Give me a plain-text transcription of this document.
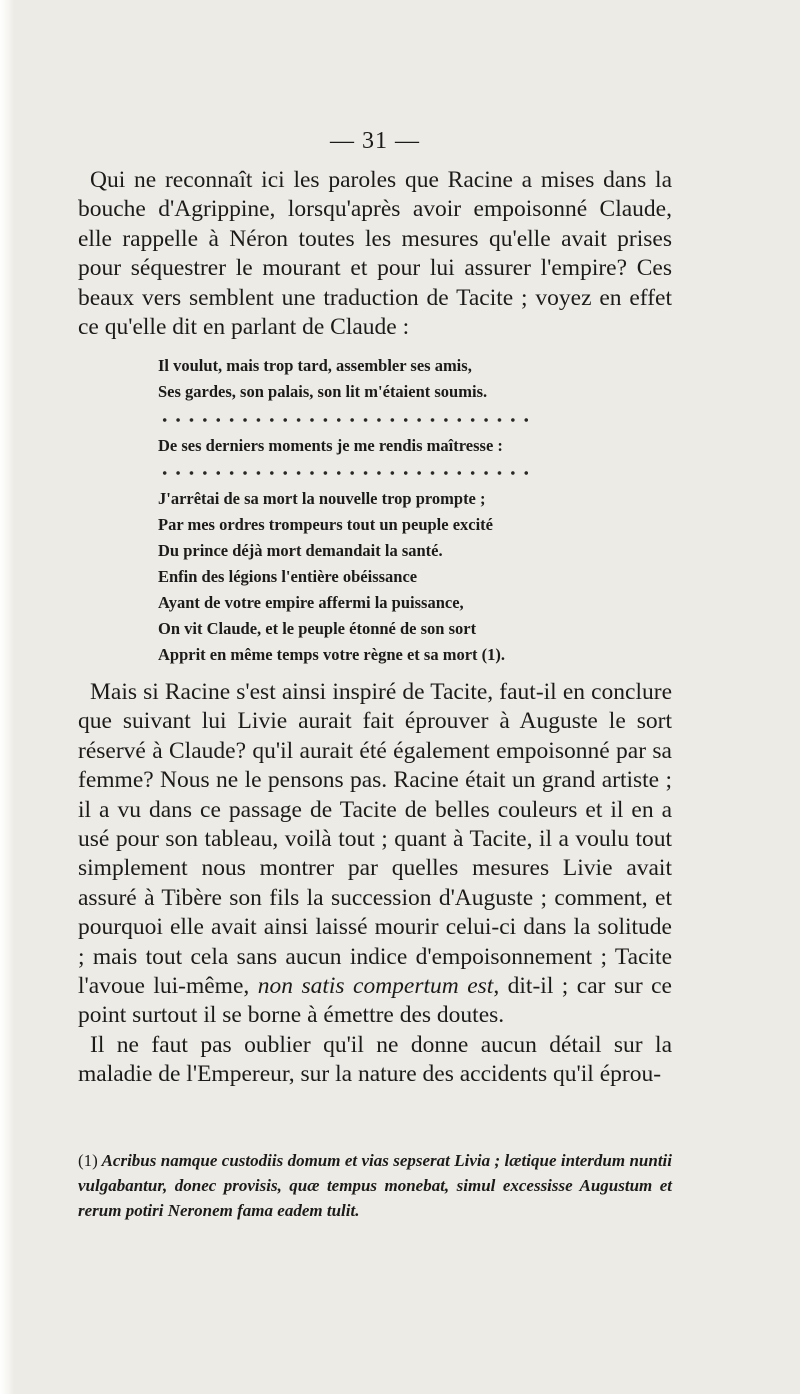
— 31 —

Qui ne reconnaît ici les paroles que Racine a mises dans la bouche d'Agrippine, lorsqu'après avoir empoisonné Claude, elle rappelle à Néron toutes les mesures qu'elle avait prises pour séquestrer le mourant et pour lui assurer l'empire? Ces beaux vers semblent une traduction de Tacite ; voyez en effet ce qu'elle dit en parlant de Claude :

Il voulut, mais trop tard, assembler ses amis,
Ses gardes, son palais, son lit m'étaient soumis.
De ses derniers moments je me rendis maîtresse :
J'arrêtai de sa mort la nouvelle trop prompte ;
Par mes ordres trompeurs tout un peuple excité
Du prince déjà mort demandait la santé.
Enfin des légions l'entière obéissance
Ayant de votre empire affermi la puissance,
On vit Claude, et le peuple étonné de son sort
Apprit en même temps votre règne et sa mort (1).

Mais si Racine s'est ainsi inspiré de Tacite, faut-il en conclure que suivant lui Livie aurait fait éprouver à Auguste le sort réservé à Claude? qu'il aurait été également empoisonné par sa femme? Nous ne le pensons pas. Racine était un grand artiste ; il a vu dans ce passage de Tacite de belles couleurs et il en a usé pour son tableau, voilà tout ; quant à Tacite, il a voulu tout simplement nous montrer par quelles mesures Livie avait assuré à Tibère son fils la succession d'Auguste ; comment, et pourquoi elle avait ainsi laissé mourir celui-ci dans la solitude ; mais tout cela sans aucun indice d'empoisonnement ; Tacite l'avoue lui-même, non satis compertum est, dit-il ; car sur ce point surtout il se borne à émettre des doutes.

Il ne faut pas oublier qu'il ne donne aucun détail sur la maladie de l'Empereur, sur la nature des accidents qu'il éprou-

(1) Acribus namque custodiis domum et vias sepserat Livia ; lætique interdum nuntii vulgabantur, donec provisis, quæ tempus monebat, simul excessisse Augustum et rerum potiri Neronem fama eadem tulit.
